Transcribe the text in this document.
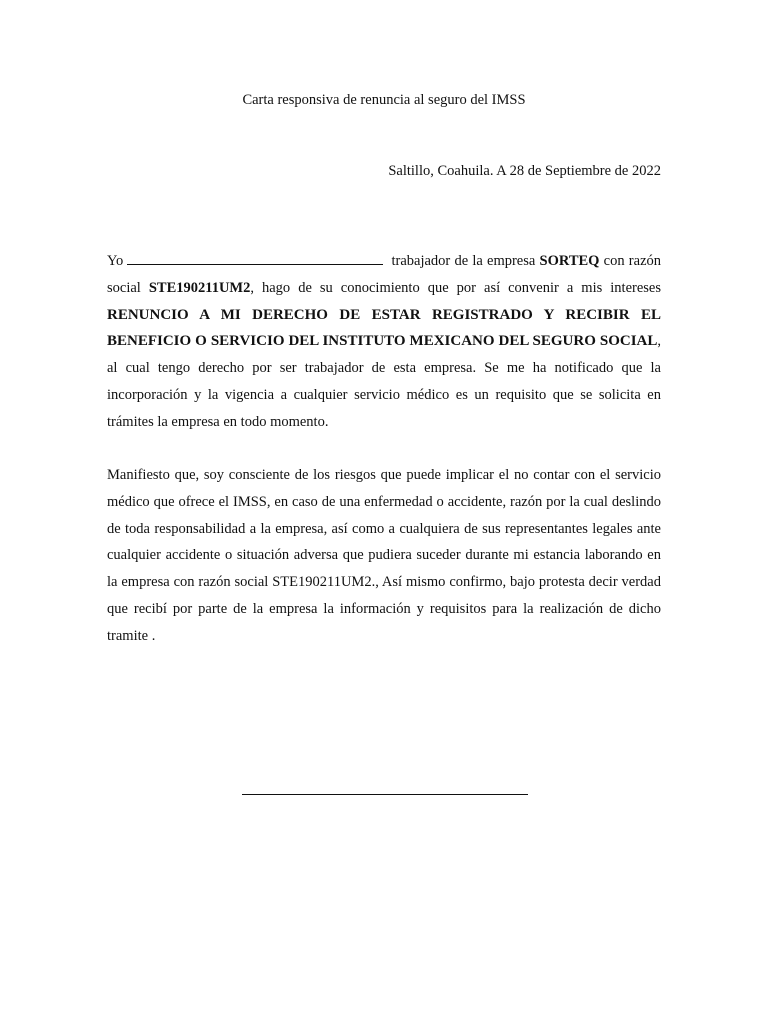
Carta responsiva de renuncia al seguro del IMSS
Saltillo, Coahuila. A 28 de Septiembre de 2022
Yo	trabajador de la empresa SORTEQ con razón social STE190211UM2, hago de su conocimiento que por así convenir a mis intereses RENUNCIO A MI DERECHO DE ESTAR REGISTRADO Y RECIBIR EL BENEFICIO O SERVICIO DEL INSTITUTO MEXICANO DEL SEGURO SOCIAL, al cual tengo derecho por ser trabajador de esta empresa. Se me ha notificado que la incorporación y la vigencia a cualquier servicio médico es un requisito que se solicita en trámites la empresa en todo momento.
Manifiesto que, soy consciente de los riesgos que puede implicar el no contar con el servicio médico que ofrece el IMSS, en caso de una enfermedad o accidente, razón por la cual deslindo de toda responsabilidad a la empresa, así como a cualquiera de sus representantes legales ante cualquier accidente o situación adversa que pudiera suceder durante mi estancia laborando en la empresa con razón social STE190211UM2., Así mismo confirmo, bajo protesta decir verdad que recibí por parte de la empresa la información y requisitos para la realización de dicho tramite .
